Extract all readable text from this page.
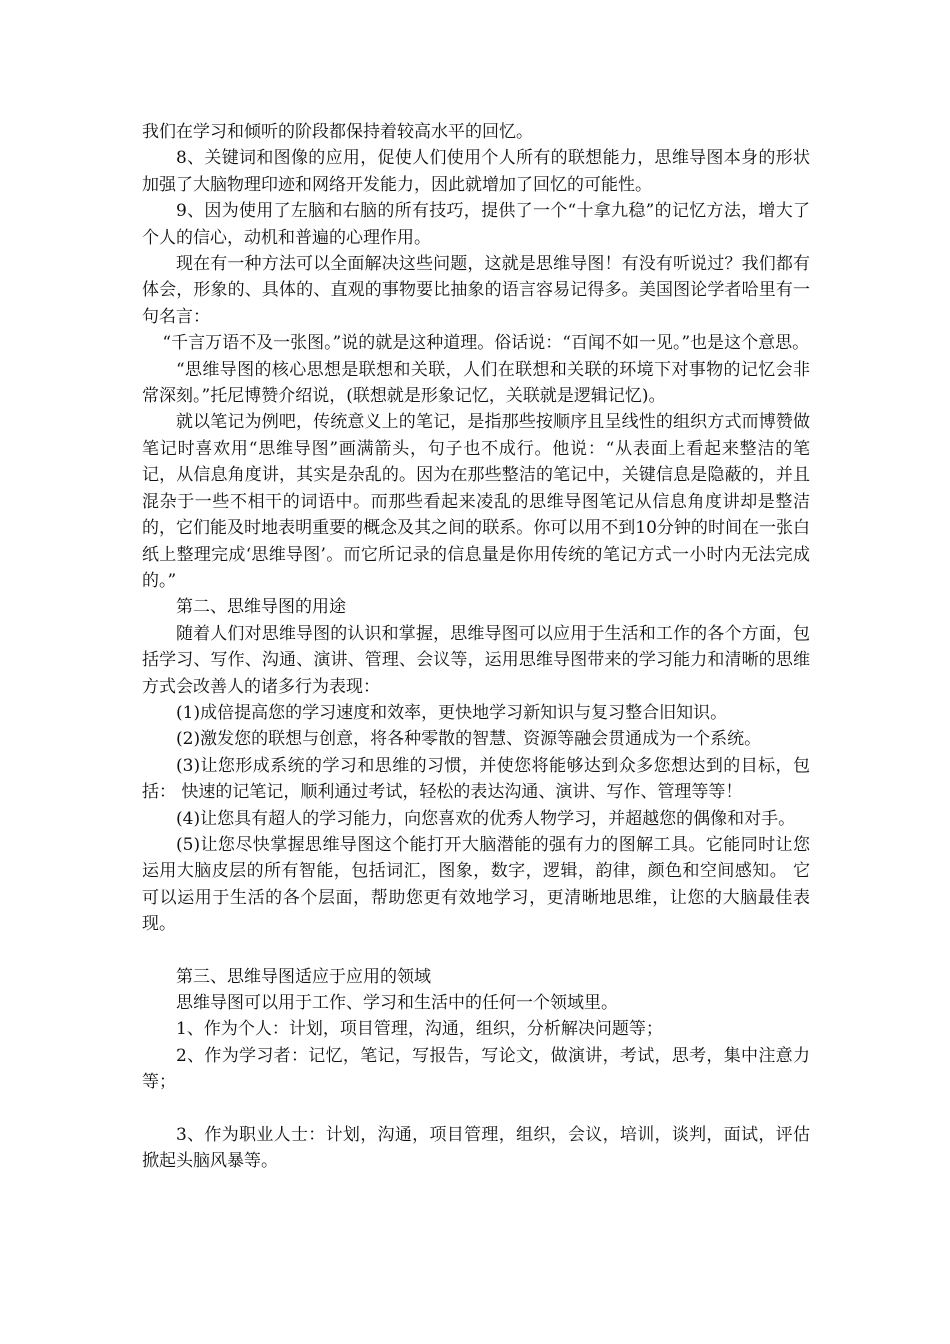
我们在学习和倾听的阶段都保持着较高水平的回忆。

8、关键词和图像的应用，促使人们使用个人所有的联想能力，思维导图本身的形状加强了大脑物理印迹和网络开发能力，因此就增加了回忆的可能性。

9、因为使用了左脑和右脑的所有技巧，提供了一个“十拿九稳”的记忆方法，增大了个人的信心，动机和普遍的心理作用。

现在有一种方法可以全面解决这些问题，这就是思维导图！有没有听说过？我们都有体会，形象的、具体的、直观的事物要比抽象的语言容易记得多。美国图论学者哈里有一句名言：

“千言万语不及一张图。”说的就是这种道理。俗话说：“百闻不如一见。”也是这个意思。

“思维导图的核心思想是联想和关联，人们在联想和关联的环境下对事物的记忆会非常深刻。”托尼博赞介绍说，(联想就是形象记忆，关联就是逻辑记忆)。

就以笔记为例吧，传统意义上的笔记，是指那些按顺序且呈线性的组织方式而博赞做笔记时喜欢用“思维导图”画满箭头，句子也不成行。他说：“从表面上看起来整洁的笔记，从信息角度讲，其实是杂乱的。因为在那些整洁的笔记中，关键信息是隐蔽的，并且混杂于一些不相干的词语中。而那些看起来凌乱的思维导图笔记从信息角度讲却是整洁的，它们能及时地表明重要的概念及其之间的联系。你可以用不到10分钟的时间在一张白纸上整理完成‘思维导图’。而它所记录的信息量是你用传统的笔记方式一小时内无法完成的。”

第二、思维导图的用途

随着人们对思维导图的认识和掌握，思维导图可以应用于生活和工作的各个方面，包括学习、写作、沟通、演讲、管理、会议等，运用思维导图带来的学习能力和清晰的思维方式会改善人的诸多行为表现：

(1)成倍提高您的学习速度和效率，更快地学习新知识与复习整合旧知识。

(2)激发您的联想与创意，将各种零散的智慧、资源等融会贯通成为一个系统。

(3)让您形成系统的学习和思维的习惯，并使您将能够达到众多您想达到的目标，包括： 快速的记笔记，顺利通过考试，轻松的表达沟通、演讲、写作、管理等等！

(4)让您具有超人的学习能力，向您喜欢的优秀人物学习，并超越您的偶像和对手。

(5)让您尽快掌握思维导图这个能打开大脑潜能的强有力的图解工具。它能同时让您运用大脑皮层的所有智能，包括词汇，图象，数字，逻辑，韵律，颜色和空间感知。 它可以运用于生活的各个层面，帮助您更有效地学习，更清晰地思维，让您的大脑最佳表现。

第三、思维导图适应于应用的领域

思维导图可以用于工作、学习和生活中的任何一个领域里。

1、作为个人：计划，项目管理，沟通，组织，分析解决问题等；

2、作为学习者：记忆，笔记，写报告，写论文，做演讲，考试，思考，集中注意力等；

3、作为职业人士：计划，沟通，项目管理，组织，会议，培训，谈判，面试，评估掀起头脑风暴等。
